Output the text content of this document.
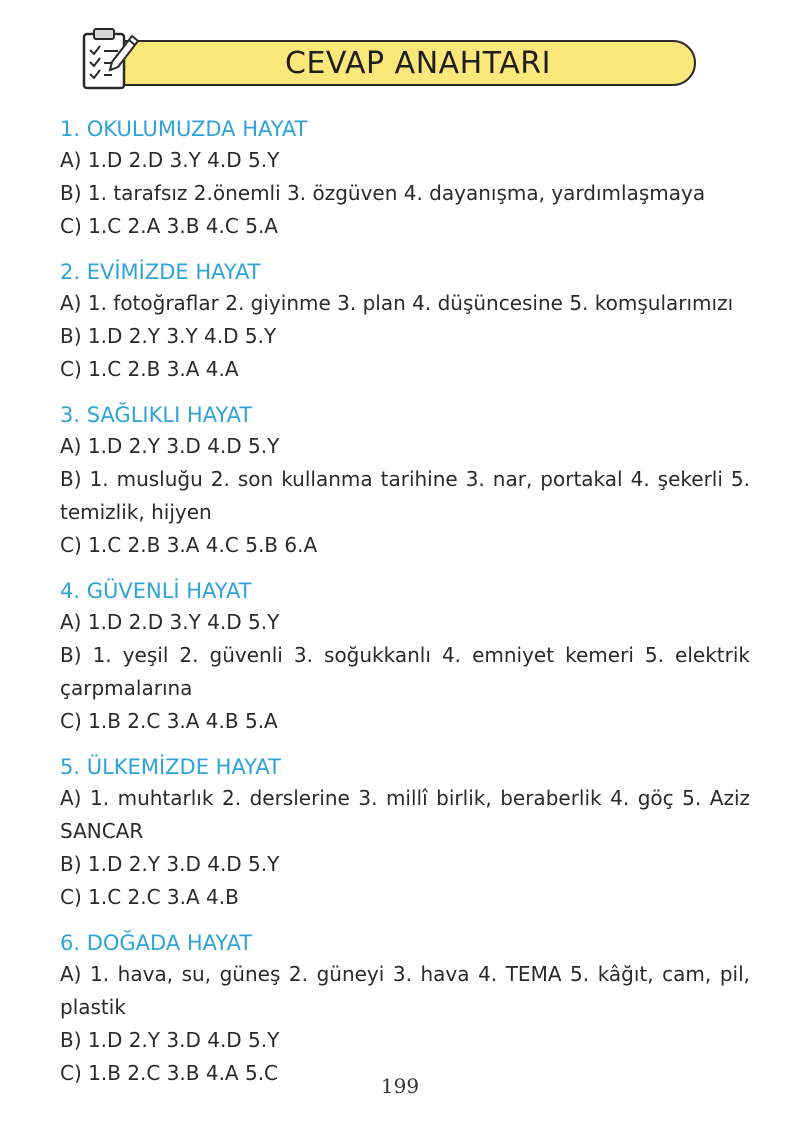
CEVAP ANAHTARI
1. OKULUMUZDA HAYAT
A) 1.D 2.D 3.Y 4.D 5.Y
B) 1. tarafsız 2.önemli 3. özgüven 4. dayanışma, yardımlaşmaya
C) 1.C 2.A 3.B 4.C 5.A
2. EVİMİZDE HAYAT
A) 1. fotoğraflar 2. giyinme 3. plan 4. düşüncesine 5. komşularımızı
B) 1.D 2.Y 3.Y 4.D 5.Y
C) 1.C 2.B 3.A 4.A
3. SAĞLIKLI HAYAT
A) 1.D 2.Y 3.D 4.D 5.Y
B) 1. musluğu 2. son kullanma tarihine 3. nar, portakal 4. şekerli 5. temizlik, hijyen
C) 1.C 2.B 3.A 4.C 5.B 6.A
4. GÜVENLİ HAYAT
A) 1.D 2.D 3.Y 4.D 5.Y
B) 1. yeşil 2. güvenli 3. soğukkanlı 4. emniyet kemeri 5. elektrik çarpmalarına
C) 1.B 2.C 3.A 4.B 5.A
5. ÜLKEMİZDE HAYAT
A) 1. muhtarlık 2. derslerine 3. millî birlik, beraberlik 4. göç 5. Aziz SANCAR
B) 1.D 2.Y 3.D 4.D 5.Y
C) 1.C 2.C 3.A 4.B
6. DOĞADA HAYAT
A) 1. hava, su, güneş 2. güneyi 3. hava 4. TEMA 5. kâğıt, cam, pil, plastik
B) 1.D 2.Y 3.D 4.D 5.Y
C) 1.B 2.C 3.B 4.A 5.C
199
